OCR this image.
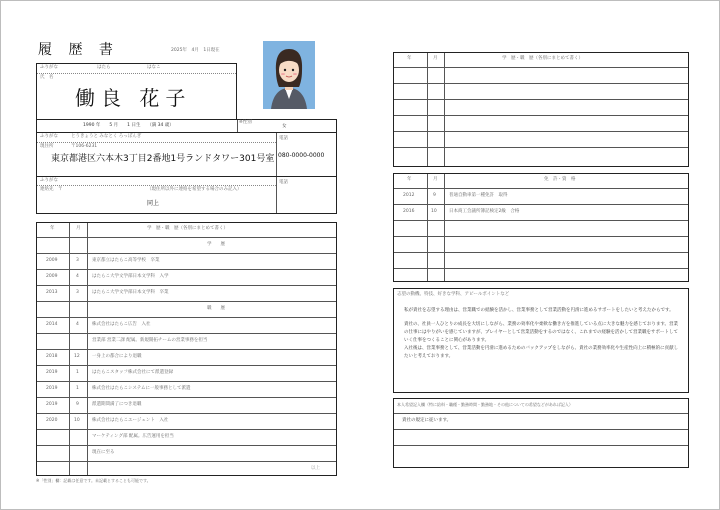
履 歴 書	2025年　4月　1日現在
ふりがな	はたら	はなこ
氏　名
働良 花子
1990 年　　5 月　　1 日生　　（満 34 歳）
※性別
女
ふりがな	とうきょうと みなとく ろっぽんぎ
現住所	〒106-6231
東京都港区六本木3丁目2番地1号ランドタワー301号室
電話
080-0000-0000
ふりがな
連絡先　〒	（現住所以外に連絡を希望する場合のみ記入）
同上
電話
年	月	学　歴・職　歴（各別にまとめて書く）
学　　歴
2009	3	東京都立はたらこ高等学校　卒業
2009	4	はたらこ大学文学部日本文学科　入学
2013	3	はたらこ大学文学部日本文学科　卒業
職　　歴
2014	4	株式会社はたらこ広告　入社
営業部 営業二課 配属。新規開拓チームの営業事務を担当
2018	12	一身上の都合により退職
2019	1	はたらこスタッフ株式会社にて派遣登録
2019	1	株式会社はたらこシステムに一般事務として派遣
2019	9	派遣期間満了につき退職
2020	10	株式会社はたらこエージェント　入社
マーケティング部 配属。広告運用を担当
現在に至る
以上
※「性別」欄：記載は任意です。未記載とすることも可能です。
年	月	学　歴・職　歴（各別にまとめて書く）
年	月	免　許・資　格
2012	9	普通自動車第一種免許　取得
2016	10	日本商工会議所簿記検定2級　合格
志望の動機、特技、好きな学科、アピールポイントなど
私が貴社を志望する理由は、営業職での経験を活かし、営業事務として営業活動を円滑に進めるサポートをしたいと考えたからです。
貴社の、社員一人ひとりの成長を大切にしながら、業務の効率化や柔軟な働き方を推進している点に大きな魅力を感じております。営業の仕事にはやりがいを感じていますが、プレイヤーとして営業活動をするのではなく、これまでの経験を活かして営業職をサポートしていく仕事をつくることに関心があります。
入社後は、営業事務として、営業活動を円滑に進めるためのバックアップをしながら、貴社の業務効率化や生産性向上に積極的に貢献したいと考えております。
本人希望記入欄（特に給料・職種・勤務時間・勤務地・その他についての希望などがあれば記入）
貴社の規定に従います。
